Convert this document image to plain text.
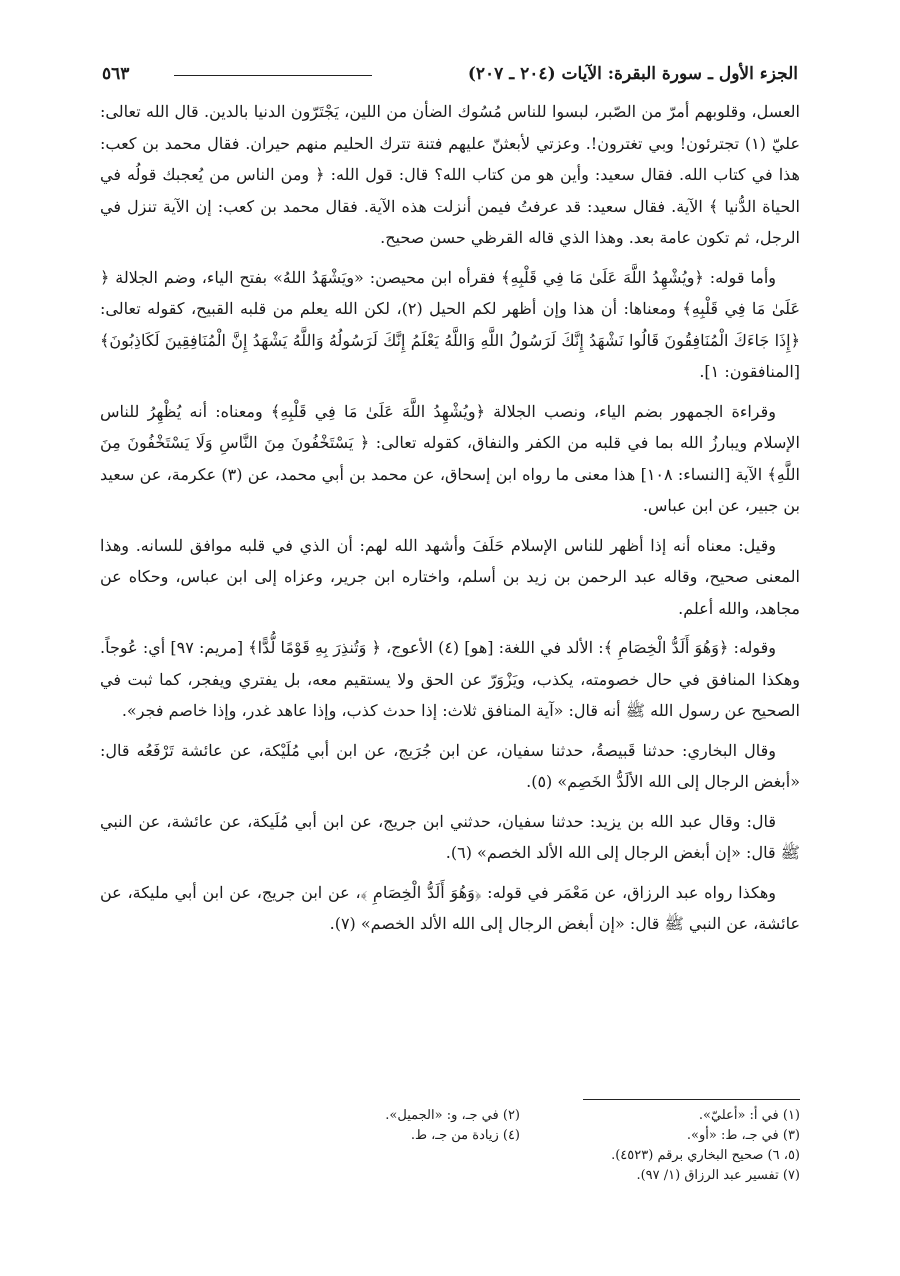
الجزء الأول ـ سورة البقرة: الآيات (٢٠٤ ـ ٢٠٧)
٥٦٣

العسل، وقلوبهم أمرّ من الصّبر، لبسوا للناس مُسُوك الضأن من اللين، يَجْتَرّون الدنيا بالدين. قال الله تعالى: عليّ (١) تجترئون! وبي تغترون!. وعزتي لأبعثنّ عليهم فتنة تترك الحليم منهم حيران. فقال محمد بن كعب: هذا في كتاب الله. فقال سعيد: وأين هو من كتاب الله؟ قال: قول الله: ﴿ ومن الناس من يُعجبك قولُه في الحياة الدُّنيا ﴾ الآية. فقال سعيد: قد عرفتُ فيمن أنزلت هذه الآية. فقال محمد بن كعب: إن الآية تنزل في الرجل، ثم تكون عامة بعد. وهذا الذي قاله القرظي حسن صحيح.

وأما قوله: ﴿ويُشْهِدُ اللَّهَ عَلَىٰ مَا فِي قَلْبِهِ﴾ فقرأه ابن محيصن: «ويَشْهَدُ اللهُ» بفتح الياء، وضم الجلالة ﴿ عَلَىٰ مَا فِي قَلْبِهِ﴾ ومعناها: أن هذا وإن أظهر لكم الحيل (٢)، لكن الله يعلم من قلبه القبيح، كقوله تعالى: ﴿إِذَا جَاءَكَ الْمُنَافِقُونَ قَالُوا نَشْهَدُ إِنَّكَ لَرَسُولُ اللَّهِ وَاللَّهُ يَعْلَمُ إِنَّكَ لَرَسُولُهُ وَاللَّهُ يَشْهَدُ إِنَّ الْمُنَافِقِينَ لَكَاذِبُونَ﴾ [المنافقون: ١].

وقراءة الجمهور بضم الياء، ونصب الجلالة ﴿ويُشْهِدُ اللَّهَ عَلَىٰ مَا فِي قَلْبِهِ﴾ ومعناه: أنه يُظْهِرُ للناس الإسلام ويبارزُ الله بما في قلبه من الكفر والنفاق، كقوله تعالى: ﴿ يَسْتَخْفُونَ مِنَ النَّاسِ وَلَا يَسْتَخْفُونَ مِنَ اللَّهِ﴾ الآية [النساء: ١٠٨] هذا معنى ما رواه ابن إسحاق، عن محمد بن أبي محمد، عن (٣) عكرمة، عن سعيد بن جبير، عن ابن عباس.

وقيل: معناه أنه إذا أظهر للناس الإسلام حَلَفَ وأشهد الله لهم: أن الذي في قلبه موافق للسانه. وهذا المعنى صحيح، وقاله عبد الرحمن بن زيد بن أسلم، واختاره ابن جرير، وعزاه إلى ابن عباس، وحكاه عن مجاهد، والله أعلم.

وقوله: ﴿وَهُوَ أَلَدُّ الْخِصَامِ ﴾: الألد في اللغة: [هو] (٤) الأعوج، ﴿ وَتُنذِرَ بِهِ قَوْمًا لُّدًّا﴾ [مريم: ٩٧] أي: عُوجاً. وهكذا المنافق في حال خصومته، يكذب، ويَزْوَرّ عن الحق ولا يستقيم معه، بل يفتري ويفجر، كما ثبت في الصحيح عن رسول الله ﷺ أنه قال: «آية المنافق ثلاث: إذا حدث كذب، وإذا عاهد غدر، وإذا خاصم فجر».

وقال البخاري: حدثنا قَبيصةُ، حدثنا سفيان، عن ابن جُرَيج، عن ابن أبي مُلَيْكة، عن عائشة تَرْفَعُه قال: «أبغض الرجال إلى الله الألَدُّ الخَصِم» (٥).

قال: وقال عبد الله بن يزيد: حدثنا سفيان، حدثني ابن جريج، عن ابن أبي مُلَيكة، عن عائشة، عن النبي ﷺ قال: «إن أبغض الرجال إلى الله الألد الخصم» (٦).

وهكذا رواه عبد الرزاق، عن مَعْمَر في قوله: ﴿وَهُوَ أَلَدُّ الْخِصَامِ ﴾، عن ابن جريج، عن ابن أبي مليكة، عن عائشة، عن النبي ﷺ قال: «إن أبغض الرجال إلى الله الألد الخصم» (٧).

(١) في أ: «أعليّ».
(٢) في جـ، و: «الجميل».
(٣) في جـ، ط: «أو».
(٤) زيادة من جـ، ط.
(٥، ٦) صحيح البخاري برقم (٤٥٢٣).
(٧) تفسير عبد الرزاق (١/ ٩٧).
